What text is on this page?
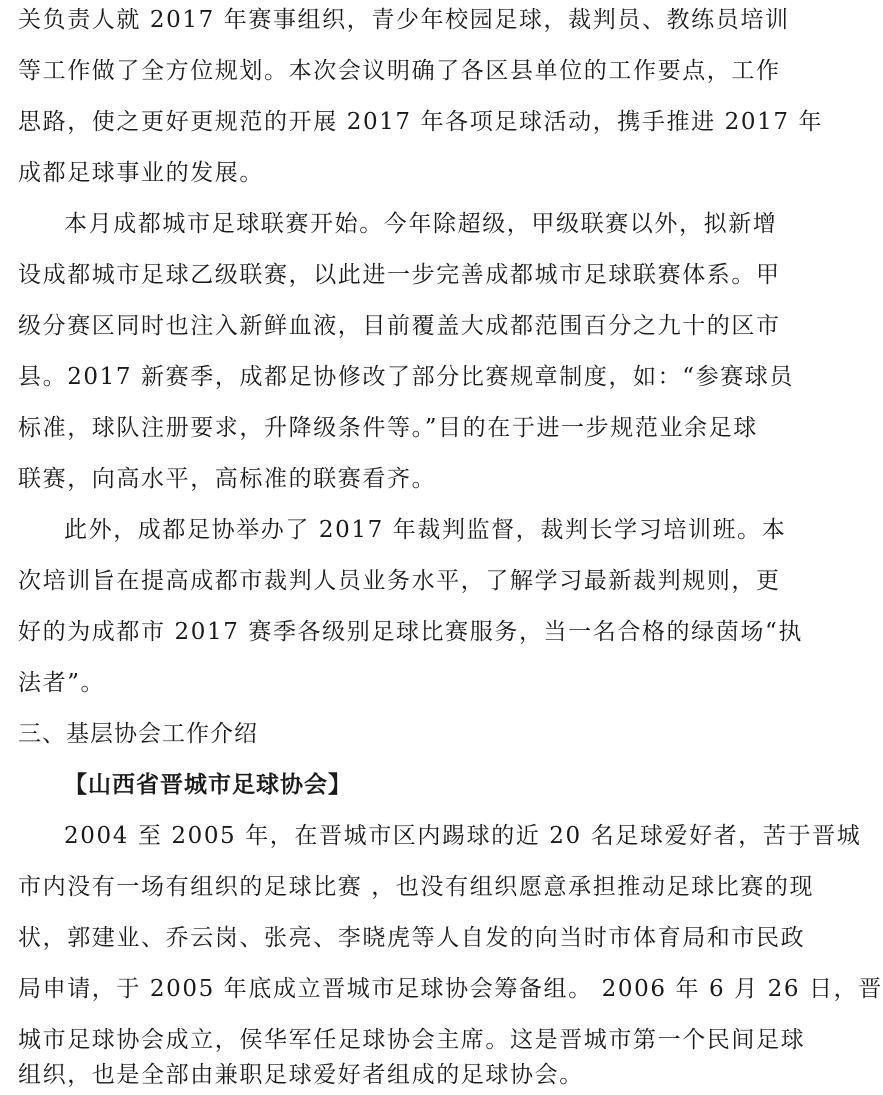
关负责人就 2017 年赛事组织，青少年校园足球，裁判员、教练员培训
等工作做了全方位规划。本次会议明确了各区县单位的工作要点，工作
思路，使之更好更规范的开展 2017 年各项足球活动，携手推进 2017 年
成都足球事业的发展。
本月成都城市足球联赛开始。今年除超级，甲级联赛以外，拟新增
设成都城市足球乙级联赛，以此进一步完善成都城市足球联赛体系。甲
级分赛区同时也注入新鲜血液，目前覆盖大成都范围百分之九十的区市
县。2017 新赛季，成都足协修改了部分比赛规章制度，如：“参赛球员
标准，球队注册要求，升降级条件等。”目的在于进一步规范业余足球
联赛，向高水平，高标准的联赛看齐。
此外，成都足协举办了 2017 年裁判监督，裁判长学习培训班。本
次培训旨在提高成都市裁判人员业务水平，了解学习最新裁判规则，更
好的为成都市 2017 赛季各级别足球比赛服务，当一名合格的绿茵场“执
法者”。
三、基层协会工作介绍
【山西省晋城市足球协会】
2004 至 2005 年，在晋城市区内踢球的近 20 名足球爱好者，苦于晋城
市内没有一场有组织的足球比赛 ，也没有组织愿意承担推动足球比赛的现
状，郭建业、乔云岗、张亮、李晓虎等人自发的向当时市体育局和市民政
局申请，于 2005 年底成立晋城市足球协会筹备组。 2006 年 6 月 26 日，晋
城市足球协会成立，侯华军任足球协会主席。这是晋城市第一个民间足球
组织，也是全部由兼职足球爱好者组成的足球协会。
